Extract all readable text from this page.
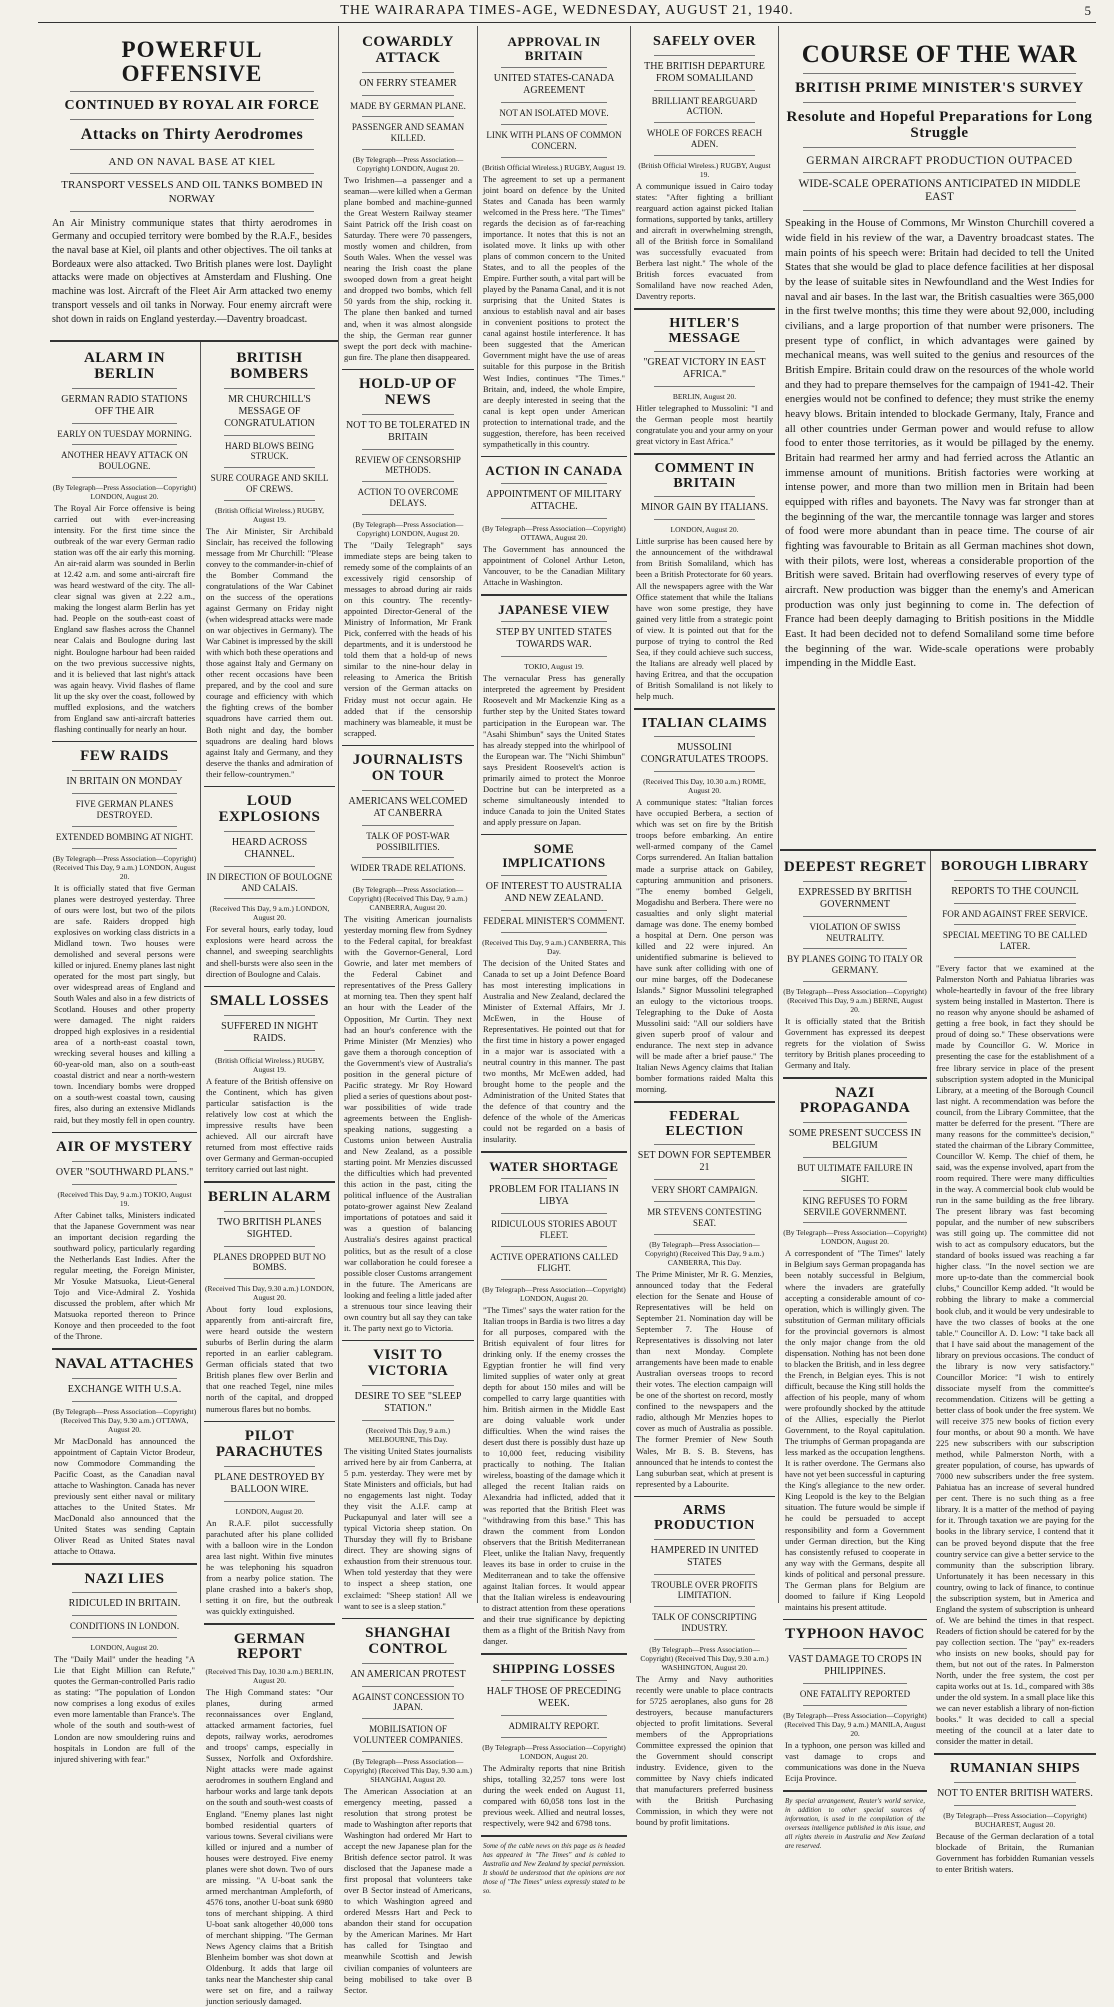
THE WAIRARAPA TIMES-AGE, WEDNESDAY, AUGUST 21, 1940.	5
POWERFUL OFFENSIVE
CONTINUED BY ROYAL AIR FORCE
Attacks on Thirty Aerodromes
AND ON NAVAL BASE AT KIEL
TRANSPORT VESSELS AND OIL TANKS BOMBED IN NORWAY
An Air Ministry communique states that thirty aerodromes in Germany and occupied territory were bombed by the R.A.F., besides the naval base at Kiel, oil plants and other objectives. The oil tanks at Bordeaux were also attacked. Two British planes were lost. Daylight attacks were made on objectives at Amsterdam and Flushing. One machine was lost. Aircraft of the Fleet Air Arm attacked two enemy transport vessels and oil tanks in Norway. Four enemy aircraft were shot down in raids on England yesterday.—Daventry broadcast.
COURSE OF THE WAR
BRITISH PRIME MINISTER'S SURVEY
Resolute and Hopeful Preparations for Long Struggle
GERMAN AIRCRAFT PRODUCTION OUTPACED
WIDE-SCALE OPERATIONS ANTICIPATED IN MIDDLE EAST
Speaking in the House of Commons, Mr Winston Churchill covered a wide field in his review of the war, a Daventry broadcast states. The main points of his speech were: Britain had decided to tell the United States that she would be glad to place defence facilities at her disposal by the lease of suitable sites in Newfoundland and the West Indies for naval and air bases. In the last war, the British casualties were 365,000 in the first twelve months; this time they were about 92,000, including civilians, and a large proportion of that number were prisoners. The present type of conflict, in which advantages were gained by mechanical means, was well suited to the genius and resources of the British Empire. Britain could draw on the resources of the whole world and they had to prepare themselves for the campaign of 1941-42. Their energies would not be confined to defence; they must strike the enemy heavy blows. Britain intended to blockade Germany, Italy, France and all other countries under German power and would refuse to allow food to enter those territories, as it would be pillaged by the enemy. Britain had rearmed her army and had ferried across the Atlantic an immense amount of munitions. British factories were working at intense power, and more than two million men in Britain had been equipped with rifles and bayonets. The Navy was far stronger than at the beginning of the war, the mercantile tonnage was larger and stores of food were more abundant than in peace time. The course of air fighting was favourable to Britain as all German machines shot down, with their pilots, were lost, whereas a considerable proportion of the British were saved. Britain had overflowing reserves of every type of aircraft. New production was bigger than the enemy's and American production was only just beginning to come in. The defection of France had been deeply damaging to British positions in the Middle East. It had been decided not to defend Somaliland some time before the beginning of the war. Wide-scale operations were probably impending in the Middle East.
ALARM IN BERLIN
GERMAN RADIO STATIONS OFF THE AIR
EARLY ON TUESDAY MORNING.
ANOTHER HEAVY ATTACK ON BOULOGNE.
(By Telegraph—Press Association—Copyright) LONDON, August 20.
The Royal Air Force offensive is being carried out with ever-increasing intensity. For the first time since the outbreak of the war every German radio station was off the air early this morning. An air-raid alarm was sounded in Berlin at 12.42 a.m. and some anti-aircraft fire was heard westward of the city. The all-clear signal was given at 2.22 a.m., making the longest alarm Berlin has yet had. People on the south-east coast of England saw flashes across the Channel near Calais and Boulogne during last night. Boulogne harbour had been raided on the two previous successive nights, and it is believed that last night's attack was again heavy. Vivid flashes of flame lit up the sky over the coast, followed by muffled explosions, and the watchers from England saw anti-aircraft batteries flashing continually for nearly an hour.
FEW RAIDS
IN BRITAIN ON MONDAY
FIVE GERMAN PLANES DESTROYED.
EXTENDED BOMBING AT NIGHT.
(By Telegraph—Press Association—Copyright) (Received This Day, 9 a.m.) LONDON, August 20.
It is officially stated that five German planes were destroyed yesterday. Three of ours were lost, but two of the pilots are safe. Raiders dropped high explosives on working class districts in a Midland town. Two houses were demolished and several persons were killed or injured. Enemy planes last night operated for the most part singly, but over widespread areas of England and South Wales and also in a few districts of Scotland. Houses and other property were damaged. The night raiders dropped high explosives in a residential area of a north-east coastal town, wrecking several houses and killing a 60-year-old man, also on a south-east coastal district and near a north-western town. Incendiary bombs were dropped on a south-west coastal town, causing fires, also during an extensive Midlands raid, but they mostly fell in open country.
AIR OF MYSTERY
OVER "SOUTHWARD PLANS."
(Received This Day, 9 a.m.) TOKIO, August 19.
After Cabinet talks, Ministers indicated that the Japanese Government was near an important decision regarding the southward policy, particularly regarding the Netherlands East Indies. After the regular meeting, the Foreign Minister, Mr Yosuke Matsuoka, Lieut-General Tojo and Vice-Admiral Z. Yoshida discussed the problem, after which Mr Matsuoka reported thereon to Prince Konoye and then proceeded to the foot of the Throne.
NAVAL ATTACHES
EXCHANGE WITH U.S.A.
(By Telegraph—Press Association—Copyright) (Received This Day, 9.30 a.m.) OTTAWA, August 20.
Mr MacDonald has announced the appointment of Captain Victor Brodeur, now Commodore Commanding the Pacific Coast, as the Canadian naval attache to Washington. Canada has never previously sent either naval or military attaches to the United States. Mr MacDonald also announced that the United States was sending Captain Oliver Read as United States naval attache to Ottawa.
NAZI LIES
RIDICULED IN BRITAIN.
CONDITIONS IN LONDON.
LONDON, August 20.
The "Daily Mail" under the heading "A Lie that Eight Million can Refute," quotes the German-controlled Paris radio as stating: "The population of London now comprises a long exodus of exiles even more lamentable than France's. The whole of the south and south-west of London are now smouldering ruins and hospitals in London are full of the injured shivering with fear."
BRITISH BOMBERS
MR CHURCHILL'S MESSAGE OF CONGRATULATION
HARD BLOWS BEING STRUCK.
SURE COURAGE AND SKILL OF CREWS.
(British Official Wireless.) RUGBY, August 19.
The Air Minister, Sir Archibald Sinclair, has received the following message from Mr Churchill: "Please convey to the commander-in-chief of the Bomber Command the congratulations of the War Cabinet on the success of the operations against Germany on Friday night (when widespread attacks were made on war objectives in Germany). The War Cabinet is impressed by the skill with which both these operations and those against Italy and Germany on other recent occasions have been prepared, and by the cool and sure courage and efficiency with which the fighting crews of the bomber squadrons have carried them out. Both night and day, the bomber squadrons are dealing hard blows against Italy and Germany, and they deserve the thanks and admiration of their fellow-countrymen."
LOUD EXPLOSIONS
HEARD ACROSS CHANNEL.
IN DIRECTION OF BOULOGNE AND CALAIS.
(Received This Day, 9 a.m.) LONDON, August 20.
For several hours, early today, loud explosions were heard across the channel, and sweeping searchlights and shell-bursts were also seen in the direction of Boulogne and Calais.
SMALL LOSSES
SUFFERED IN NIGHT RAIDS.
(British Official Wireless.) RUGBY, August 19.
A feature of the British offensive on the Continent, which has given particular satisfaction is the relatively low cost at which the impressive results have been achieved. All our aircraft have returned from most effective raids over Germany and German-occupied territory carried out last night.
BERLIN ALARM
TWO BRITISH PLANES SIGHTED.
PLANES DROPPED BUT NO BOMBS.
(Received This Day, 9.30 a.m.) LONDON, August 20.
About forty loud explosions, apparently from anti-aircraft fire, were heard outside the western suburbs of Berlin during the alarm reported in an earlier cablegram. German officials stated that two British planes flew over Berlin and that one reached Tegel, nine miles north of the capital, and dropped numerous flares but no bombs.
PILOT PARACHUTES
PLANE DESTROYED BY BALLOON WIRE.
LONDON, August 20.
An R.A.F. pilot successfully parachuted after his plane collided with a balloon wire in the London area last night. Within five minutes he was telephoning his squadron from a nearby police station. The plane crashed into a baker's shop, setting it on fire, but the outbreak was quickly extinguished.
GERMAN REPORT
(Received This Day, 10.30 a.m.) BERLIN, August 20.
The High Command states: "Our planes, during armed reconnaissances over England, attacked armament factories, fuel depots, railway works, aerodromes and troops' camps, especially in Sussex, Norfolk and Oxfordshire. Night attacks were made against aerodromes in southern England and harbour works and large tank depots on the south and south-west coasts of England. "Enemy planes last night bombed residential quarters of various towns. Several civilians were killed or injured and a number of houses were destroyed. Five enemy planes were shot down. Two of ours are missing. "A U-boat sank the armed merchantman Ampleforth, of 4576 tons, another U-boat sunk 6980 tons of merchant shipping. A third U-boat sank altogether 40,000 tons of merchant shipping. "The German News Agency claims that a British Blenheim bomber was shot down at Oldenburg. It adds that large oil tanks near the Manchester ship canal were set on fire, and a railway junction seriously damaged.
COWARDLY ATTACK
ON FERRY STEAMER
MADE BY GERMAN PLANE.
PASSENGER AND SEAMAN KILLED.
(By Telegraph—Press Association—Copyright) LONDON, August 20.
Two Irishmen—a passenger and a seaman—were killed when a German plane bombed and machine-gunned the Great Western Railway steamer Saint Patrick off the Irish coast on Saturday. There were 70 passengers, mostly women and children, from South Wales. When the vessel was nearing the Irish coast the plane swooped down from a great height and dropped two bombs, which fell 50 yards from the ship, rocking it. The plane then banked and turned and, when it was almost alongside the ship, the German rear gunner swept the port deck with machine-gun fire. The plane then disappeared.
HOLD-UP OF NEWS
NOT TO BE TOLERATED IN BRITAIN
REVIEW OF CENSORSHIP METHODS.
ACTION TO OVERCOME DELAYS.
(By Telegraph—Press Association—Copyright) LONDON, August 20.
The "Daily Telegraph" says immediate steps are being taken to remedy some of the complaints of an excessively rigid censorship of messages to abroad during air raids on this country. The recently-appointed Director-General of the Ministry of Information, Mr Frank Pick, conferred with the heads of his departments, and it is understood he told them that a hold-up of news similar to the nine-hour delay in releasing to America the British version of the German attacks on Friday must not occur again. He added that if the censorship machinery was blameable, it must be scrapped.
JOURNALISTS ON TOUR
AMERICANS WELCOMED AT CANBERRA
TALK OF POST-WAR POSSIBILITIES.
WIDER TRADE RELATIONS.
(By Telegraph—Press Association—Copyright) (Received This Day, 9 a.m.) CANBERRA, August 20.
The visiting American journalists yesterday morning flew from Sydney to the Federal capital, for breakfast with the Governor-General, Lord Gowrie, and later met members of the Federal Cabinet and representatives of the Press Gallery at morning tea. Then they spent half an hour with the Leader of the Opposition, Mr Curtin. They next had an hour's conference with the Prime Minister (Mr Menzies) who gave them a thorough conception of the Government's view of Australia's position in the general picture of Pacific strategy. Mr Roy Howard plied a series of questions about post-war possibilities of wide trade agreements between the English-speaking nations, suggesting a Customs union between Australia and New Zealand, as a possible starting point. Mr Menzies discussed the difficulties which had prevented this action in the past, citing the political influence of the Australian potato-grower against New Zealand importations of potatoes and said it was a question of balancing Australia's desires against practical politics, but as the result of a close war collaboration he could foresee a possible closer Customs arrangement in the future. The Americans are looking and feeling a little jaded after a strenuous tour since leaving their own country but all say they can take it. The party next go to Victoria.
VISIT TO VICTORIA
DESIRE TO SEE "SLEEP STATION."
(Received This Day, 9 a.m.) MELBOURNE, This Day.
The visiting United States journalists arrived here by air from Canberra, at 5 p.m. yesterday. They were met by State Ministers and officials, but had no engagements last night. Today they visit the A.I.F. camp at Puckapunyal and later will see a typical Victoria sheep station. On Thursday they will fly to Brisbane direct. They are showing signs of exhaustion from their strenuous tour. When told yesterday that they were to inspect a sheep station, one exclaimed: "Sheep station! All we want to see is a sleep station."
SHANGHAI CONTROL
AN AMERICAN PROTEST
AGAINST CONCESSION TO JAPAN.
MOBILISATION OF VOLUNTEER COMPANIES.
(By Telegraph—Press Association—Copyright) (Received This Day, 9.30 a.m.) SHANGHAI, August 20.
The American Association at an emergency meeting, passed a resolution that strong protest be made to Washington after reports that Washington had ordered Mr Hart to accept the new Japanese plan for the British defence sector patrol. It was disclosed that the Japanese made a first proposal that volunteers take over B Sector instead of Americans, to which Washington agreed and ordered Messrs Hart and Peck to abandon their stand for occupation by the American Marines. Mr Hart has called for Tsingtao and meanwhile Scottish and Jewish civilian companies of volunteers are being mobilised to take over B Sector.
APPROVAL IN BRITAIN
UNITED STATES-CANADA AGREEMENT
NOT AN ISOLATED MOVE.
LINK WITH PLANS OF COMMON CONCERN.
(British Official Wireless.) RUGBY, August 19.
The agreement to set up a permanent joint board on defence by the United States and Canada has been warmly welcomed in the Press here. "The Times" regards the decision as of far-reaching importance. It notes that this is not an isolated move. It links up with other plans of common concern to the United States, and to all the peoples of the Empire. Further south, a vital part will be played by the Panama Canal, and it is not surprising that the United States is anxious to establish naval and air bases in convenient positions to protect the canal against hostile interference. It has been suggested that the American Government might have the use of areas suitable for this purpose in the British West Indies, continues "The Times." Britain, and, indeed, the whole Empire, are deeply interested in seeing that the canal is kept open under American protection to international trade, and the suggestion, therefore, has been received sympathetically in this country.
ACTION IN CANADA
APPOINTMENT OF MILITARY ATTACHE.
(By Telegraph—Press Association—Copyright) OTTAWA, August 20.
The Government has announced the appointment of Colonel Arthur Leton, Vancouver, to be the Canadian Military Attache in Washington.
JAPANESE VIEW
STEP BY UNITED STATES TOWARDS WAR.
TOKIO, August 19.
The vernacular Press has generally interpreted the agreement by President Roosevelt and Mr Mackenzie King as a further step by the United States toward participation in the European war. The "Asahi Shimbun" says the United States has already stepped into the whirlpool of the European war. The "Nichi Shimbun" says President Roosevelt's action is primarily aimed to protect the Monroe Doctrine but can be interpreted as a scheme simultaneously intended to induce Canada to join the United States and apply pressure on Japan.
SOME IMPLICATIONS
OF INTEREST TO AUSTRALIA AND NEW ZEALAND.
FEDERAL MINISTER'S COMMENT.
(Received This Day, 9 a.m.) CANBERRA, This Day.
The decision of the United States and Canada to set up a Joint Defence Board has most interesting implications in Australia and New Zealand, declared the Minister of External Affairs, Mr J. McEwen, in the House of Representatives. He pointed out that for the first time in history a power engaged in a major war is associated with a neutral country in this manner. The past two months, Mr McEwen added, had brought home to the people and the Administration of the United States that the defence of that country and the defence of the whole of the Americas could not be regarded on a basis of insularity.
WATER SHORTAGE
PROBLEM FOR ITALIANS IN LIBYA
RIDICULOUS STORIES ABOUT FLEET.
ACTIVE OPERATIONS CALLED FLIGHT.
(By Telegraph—Press Association—Copyright) LONDON, August 20.
"The Times" says the water ration for the Italian troops in Bardia is two litres a day for all purposes, compared with the British equivalent of four litres for drinking only. If the enemy crosses the Egyptian frontier he will find very limited supplies of water only at great depth for about 150 miles and will be compelled to carry large quantities with him. British airmen in the Middle East are doing valuable work under difficulties. When the wind raises the desert dust there is possibly dust haze up to 10,000 feet, reducing visibility practically to nothing. The Italian wireless, boasting of the damage which it alleged the recent Italian raids on Alexandria had inflicted, added that it was reported that the British Fleet was "withdrawing from this base." This has drawn the comment from London observers that the British Mediterranean Fleet, unlike the Italian Navy, frequently leaves its base in order to cruise in the Mediterranean and to take the offensive against Italian forces. It would appear that the Italian wireless is endeavouring to distract attention from these operations and their true significance by depicting them as a flight of the British Navy from danger.
SHIPPING LOSSES
HALF THOSE OF PRECEDING WEEK.
ADMIRALTY REPORT.
(By Telegraph—Press Association—Copyright) LONDON, August 20.
The Admiralty reports that nine British ships, totalling 32,257 tons were lost during the week ended on August 11, compared with 60,058 tons lost in the previous week. Allied and neutral losses, respectively, were 942 and 6798 tons.
Some of the cable news on this page as is headed has appeared in "The Times" and is cabled to Australia and New Zealand by special permission. It should be understood that the opinions are not those of "The Times" unless expressly stated to be so.
SAFELY OVER
THE BRITISH DEPARTURE FROM SOMALILAND
BRILLIANT REARGUARD ACTION.
WHOLE OF FORCES REACH ADEN.
(British Official Wireless.) RUGBY, August 19.
A communique issued in Cairo today states: "After fighting a brilliant rearguard action against picked Italian formations, supported by tanks, artillery and aircraft in overwhelming strength, all of the British force in Somaliland was successfully evacuated from Berbera last night." The whole of the British forces evacuated from Somaliland have now reached Aden, Daventry reports.
HITLER'S MESSAGE
"GREAT VICTORY IN EAST AFRICA."
BERLIN, August 20.
Hitler telegraphed to Mussolini: "I and the German people most heartily congratulate you and your army on your great victory in East Africa."
COMMENT IN BRITAIN
MINOR GAIN BY ITALIANS.
LONDON, August 20.
Little surprise has been caused here by the announcement of the withdrawal from British Somaliland, which has been a British Protectorate for 60 years. All the newspapers agree with the War Office statement that while the Italians have won some prestige, they have gained very little from a strategic point of view. It is pointed out that for the purpose of trying to control the Red Sea, if they could achieve such success, the Italians are already well placed by having Eritrea, and that the occupation of British Somaliland is not likely to help much.
ITALIAN CLAIMS
MUSSOLINI CONGRATULATES TROOPS.
(Received This Day, 10.30 a.m.) ROME, August 20.
A communique states: "Italian forces have occupied Berbera, a section of which was set on fire by the British troops before embarking. An entire well-armed company of the Camel Corps surrendered. An Italian battalion made a surprise attack on Gabiley, capturing ammunition and prisoners. "The enemy bombed Gelgeli, Mogadishu and Berbera. There were no casualties and only slight material damage was done. The enemy bombed a hospital at Dern. One person was killed and 22 were injured. An unidentified submarine is believed to have sunk after colliding with one of our mine barges, off the Dodecanese Islands." Signor Mussolini telegraphed an eulogy to the victorious troops. Telegraphing to the Duke of Aosta Mussolini said: "All our soldiers have given superb proof of valour and endurance. The next step in advance will be made after a brief pause." The Italian News Agency claims that Italian bomber formations raided Malta this morning.
FEDERAL ELECTION
SET DOWN FOR SEPTEMBER 21
VERY SHORT CAMPAIGN.
MR STEVENS CONTESTING SEAT.
(By Telegraph—Press Association—Copyright) (Received This Day, 9 a.m.) CANBERRA, This Day.
The Prime Minister, Mr R. G. Menzies, announced today that the Federal election for the Senate and House of Representatives will be held on September 21. Nomination day will be September 7. The House of Representatives is dissolving not later than next Monday. Complete arrangements have been made to enable Australian overseas troops to record their votes. The election campaign will be one of the shortest on record, mostly confined to the newspapers and the radio, although Mr Menzies hopes to cover as much of Australia as possible. The former Premier of New South Wales, Mr B. S. B. Stevens, has announced that he intends to contest the Lang suburban seat, which at present is represented by a Labourite.
ARMS PRODUCTION
HAMPERED IN UNITED STATES
TROUBLE OVER PROFITS LIMITATION.
TALK OF CONSCRIPTING INDUSTRY.
(By Telegraph—Press Association—Copyright) (Received This Day, 9.30 a.m.) WASHINGTON, August 20.
The Army and Navy authorities recently were unable to place contracts for 5725 aeroplanes, also guns for 28 destroyers, because manufacturers objected to profit limitations. Several members of the Appropriations Committee expressed the opinion that the Government should conscript industry. Evidence, given to the committee by Navy chiefs indicated that manufacturers preferred business with the British Purchasing Commission, in which they were not bound by profit limitations.
DEEPEST REGRET
EXPRESSED BY BRITISH GOVERNMENT
VIOLATION OF SWISS NEUTRALITY.
BY PLANES GOING TO ITALY OR GERMANY.
(By Telegraph—Press Association—Copyright) (Received This Day, 9 a.m.) BERNE, August 20.
It is officially stated that the British Government has expressed its deepest regrets for the violation of Swiss territory by British planes proceeding to Germany and Italy.
NAZI PROPAGANDA
SOME PRESENT SUCCESS IN BELGIUM
BUT ULTIMATE FAILURE IN SIGHT.
KING REFUSES TO FORM SERVILE GOVERNMENT.
(By Telegraph—Press Association—Copyright) LONDON, August 20.
A correspondent of "The Times" lately in Belgium says German propaganda has been notably successful in Belgium, where the invaders are gratefully accepting a considerable amount of co-operation, which is willingly given. The substitution of German military officials for the provincial governors is almost the only major change from the old dispensation. Nothing has not been done to blacken the British, and in less degree the French, in Belgian eyes. This is not difficult, because the King still holds the affection of his people, many of whom were profoundly shocked by the attitude of the Allies, especially the Pierlot Government, to the Royal capitulation. The triumphs of German propaganda are less marked as the occupation lengthens. It is rather overdone. The Germans also have not yet been successful in capturing the King's allegiance to the new order. King Leopold is the key to the Belgian situation. The future would be simple if he could be persuaded to accept responsibility and form a Government under German direction, but the King has consistently refused to cooperate in any way with the Germans, despite all kinds of political and personal pressure. The German plans for Belgium are doomed to failure if King Leopold maintains his present attitude.
TYPHOON HAVOC
VAST DAMAGE TO CROPS IN PHILIPPINES.
ONE FATALITY REPORTED
(By Telegraph—Press Association—Copyright) (Received This Day, 9 a.m.) MANILA, August 20.
In a typhoon, one person was killed and vast damage to crops and communications was done in the Nueva Ecija Province.
By special arrangement, Reuter's world service, in addition to other special sources of information, is used in the compilation of the overseas intelligence published in this issue, and all rights therein in Australia and New Zealand are reserved.
BOROUGH LIBRARY
REPORTS TO THE COUNCIL
FOR AND AGAINST FREE SERVICE.
SPECIAL MEETING TO BE CALLED LATER.
"Every factor that we examined at the Palmerston North and Pahiatua libraries was whole-heartedly in favour of the free library system being installed in Masterton. There is no reason why anyone should be ashamed of getting a free book, in fact they should be proud of doing so." These observations were made by Councillor G. W. Morice in presenting the case for the establishment of a free library service in place of the present subscription system adopted in the Municipal Library, at a meeting of the Borough Council last night. A recommendation was before the council, from the Library Committee, that the matter be deferred for the present. "There are many reasons for the committee's decision," stated the chairman of the Library Committee, Councillor W. Kemp. The chief of them, he said, was the expense involved, apart from the room required. There were many difficulties in the way. A commercial book club would be run in the same building as the free library. The present library was fast becoming popular, and the number of new subscribers was still going up. The committee did not wish to act as compulsory educators, but the standard of books issued was reaching a far higher class. "In the novel section we are more up-to-date than the commercial book clubs," Councillor Kemp added. "It would be robbing the library to make a commercial book club, and it would be very undesirable to have the two classes of books at the one table." Councillor A. D. Low: "I take back all that I have said about the management of the library on previous occasions. The conduct of the library is now very satisfactory." Councillor Morice: "I wish to entirely dissociate myself from the committee's recommendation. Citizens will be getting a better class of book under the free system. We will receive 375 new books of fiction every four months, or about 90 a month. We have 225 new subscribers with our subscription method, while Palmerston North, with a greater population, of course, has upwards of 7000 new subscribers under the free system. Pahiatua has an increase of several hundred per cent. There is no such thing as a free library. It is a matter of the method of paying for it. Through taxation we are paying for the books in the library service, I contend that it can be proved beyond dispute that the free country service can give a better service to the community than the subscription library. Unfortunately it has been necessary in this country, owing to lack of finance, to continue the subscription system, but in America and England the system of subscription is unheard of. We are behind the times in that respect. Readers of fiction should be catered for by the pay collection section. The "pay" ex-readers who insists on new books, should pay for them, but not out of the rates. In Palmerston North, under the free system, the cost per capita works out at 1s. 1d., compared with 38s under the old system. In a small place like this we can never establish a library of non-fiction books." It was decided to call a special meeting of the council at a later date to consider the matter in detail.
RUMANIAN SHIPS
NOT TO ENTER BRITISH WATERS.
(By Telegraph—Press Association—Copyright) BUCHAREST, August 20.
Because of the German declaration of a total blockade of Britain, the Rumanian Government has forbidden Rumanian vessels to enter British waters.
